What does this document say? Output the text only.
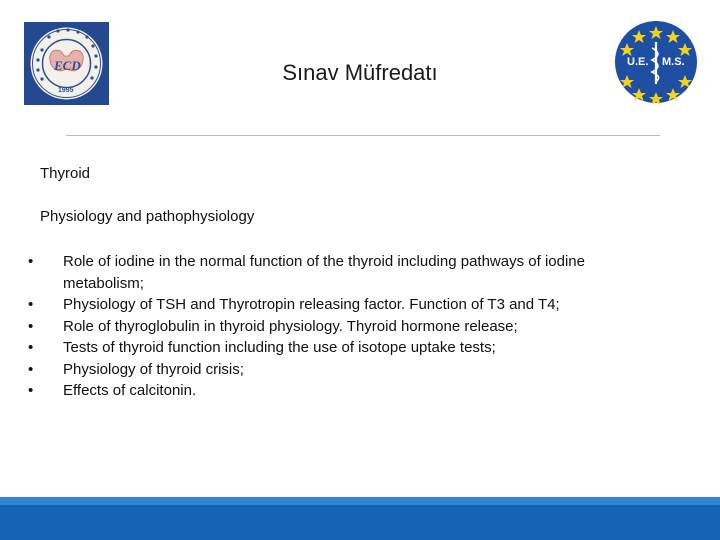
ECD
1995
U.E. M.S.
Sınav Müfredatı
Thyroid
Physiology and pathophysiology
• Role of iodine in the normal function of the thyroid including pathways of iodine metabolism;
• Physiology of TSH and Thyrotropin releasing factor. Function of T3 and T4;
• Role of thyroglobulin in thyroid physiology. Thyroid hormone release;
• Tests of thyroid function including the use of isotope uptake tests;
• Physiology of thyroid crisis;
• Effects of calcitonin.
